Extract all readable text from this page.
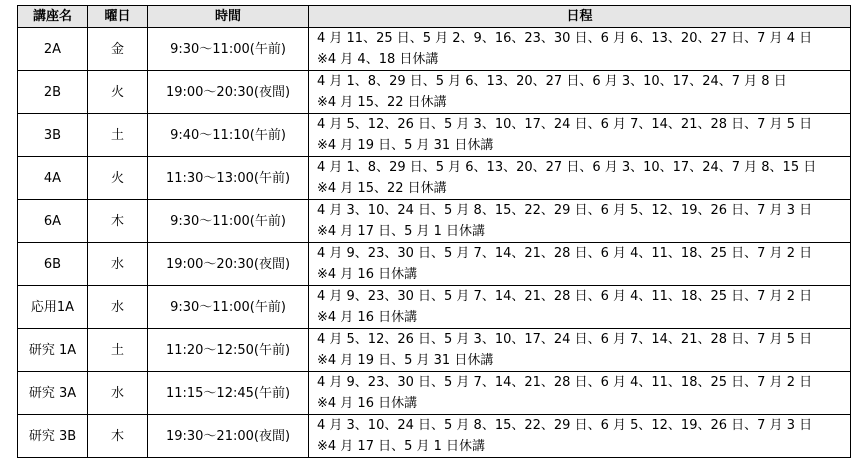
講座名	曜日	時間	日程
2A	金	9:30～11:00(午前)	4 月 11、25 日、5 月 2、9、16、23、30 日、6 月 6、13、20、27 日、7 月 4 日
※4 月 4、18 日休講

2B	火	19:00～20:30(夜間)	4 月 1、8、29 日、5 月 6、13、20、27 日、6 月 3、10、17、24、7 月 8 日
※4 月 15、22 日休講

3B	土	9:40～11:10(午前)	4 月 5、12、26 日、5 月 3、10、17、24 日、6 月 7、14、21、28 日、7 月 5 日
※4 月 19 日、5 月 31 日休講

4A	火	11:30～13:00(午前)	4 月 1、8、29 日、5 月 6、13、20、27 日、6 月 3、10、17、24、7 月 8、15 日
※4 月 15、22 日休講

6A	木	9:30～11:00(午前)	4 月 3、10、24 日、5 月 8、15、22、29 日、6 月 5、12、19、26 日、7 月 3 日
※4 月 17 日、5 月 1 日休講

6B	水	19:00～20:30(夜間)	4 月 9、23、30 日、5 月 7、14、21、28 日、6 月 4、11、18、25 日、7 月 2 日
※4 月 16 日休講

応用1A	水	9:30～11:00(午前)	4 月 9、23、30 日、5 月 7、14、21、28 日、6 月 4、11、18、25 日、7 月 2 日
※4 月 16 日休講

研究 1A	土	11:20～12:50(午前)	4 月 5、12、26 日、5 月 3、10、17、24 日、6 月 7、14、21、28 日、7 月 5 日
※4 月 19 日、5 月 31 日休講

研究 3A	水	11:15～12:45(午前)	4 月 9、23、30 日、5 月 7、14、21、28 日、6 月 4、11、18、25 日、7 月 2 日
※4 月 16 日休講

研究 3B	木	19:30～21:00(夜間)	4 月 3、10、24 日、5 月 8、15、22、29 日、6 月 5、12、19、26 日、7 月 3 日
※4 月 17 日、5 月 1 日休講
